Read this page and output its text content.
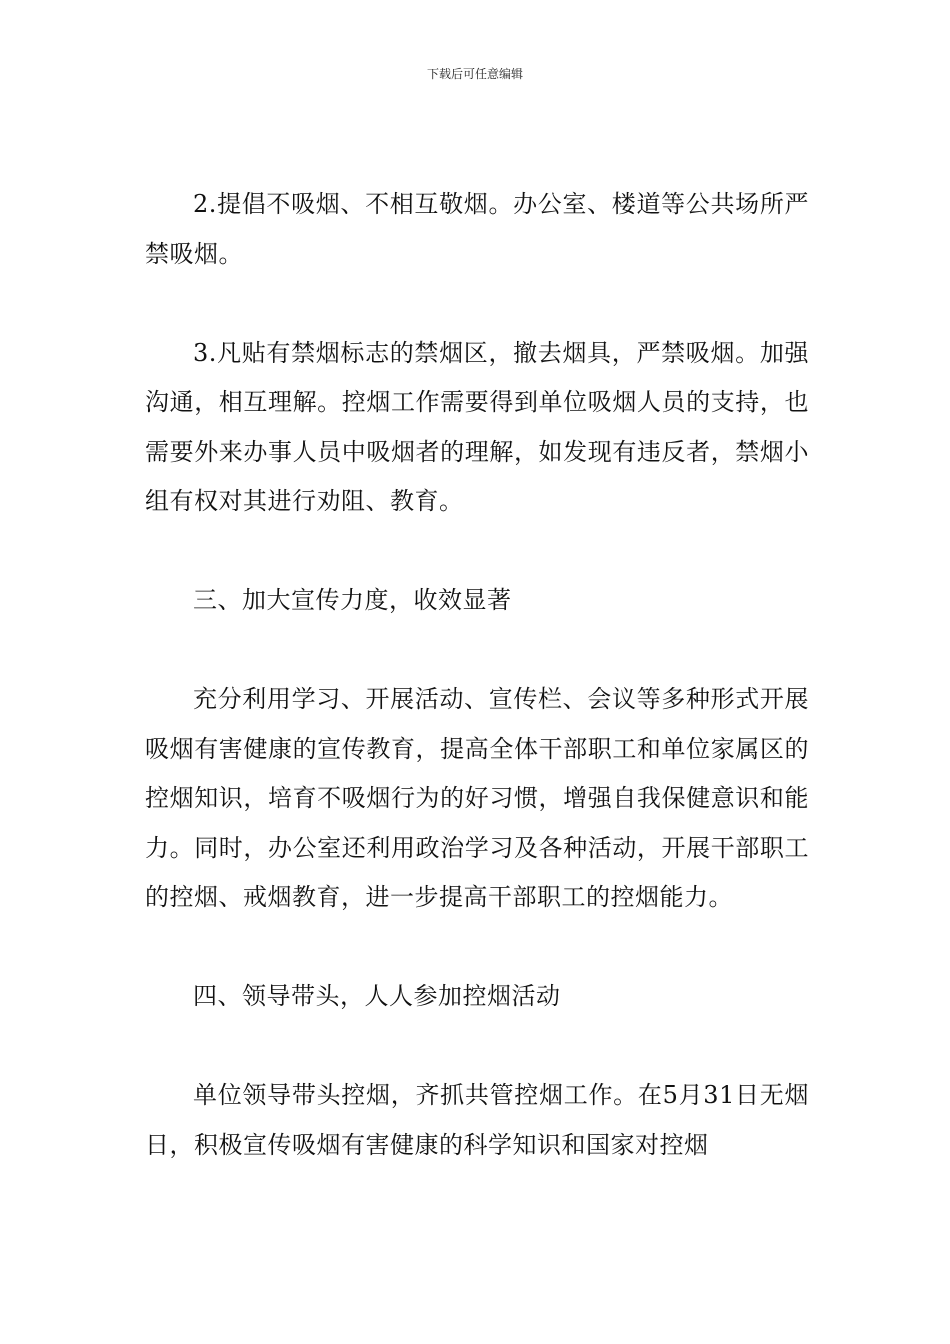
下载后可任意编辑

2.提倡不吸烟、不相互敬烟。办公室、楼道等公共场所严禁吸烟。

3.凡贴有禁烟标志的禁烟区，撤去烟具，严禁吸烟。加强沟通，相互理解。控烟工作需要得到单位吸烟人员的支持，也需要外来办事人员中吸烟者的理解，如发现有违反者，禁烟小组有权对其进行劝阻、教育。

三、加大宣传力度，收效显著

充分利用学习、开展活动、宣传栏、会议等多种形式开展吸烟有害健康的宣传教育，提高全体干部职工和单位家属区的控烟知识，培育不吸烟行为的好习惯，增强自我保健意识和能力。同时，办公室还利用政治学习及各种活动，开展干部职工的控烟、戒烟教育，进一步提高干部职工的控烟能力。

四、领导带头，人人参加控烟活动

单位领导带头控烟，齐抓共管控烟工作。在5月31日无烟日，积极宣传吸烟有害健康的科学知识和国家对控烟
